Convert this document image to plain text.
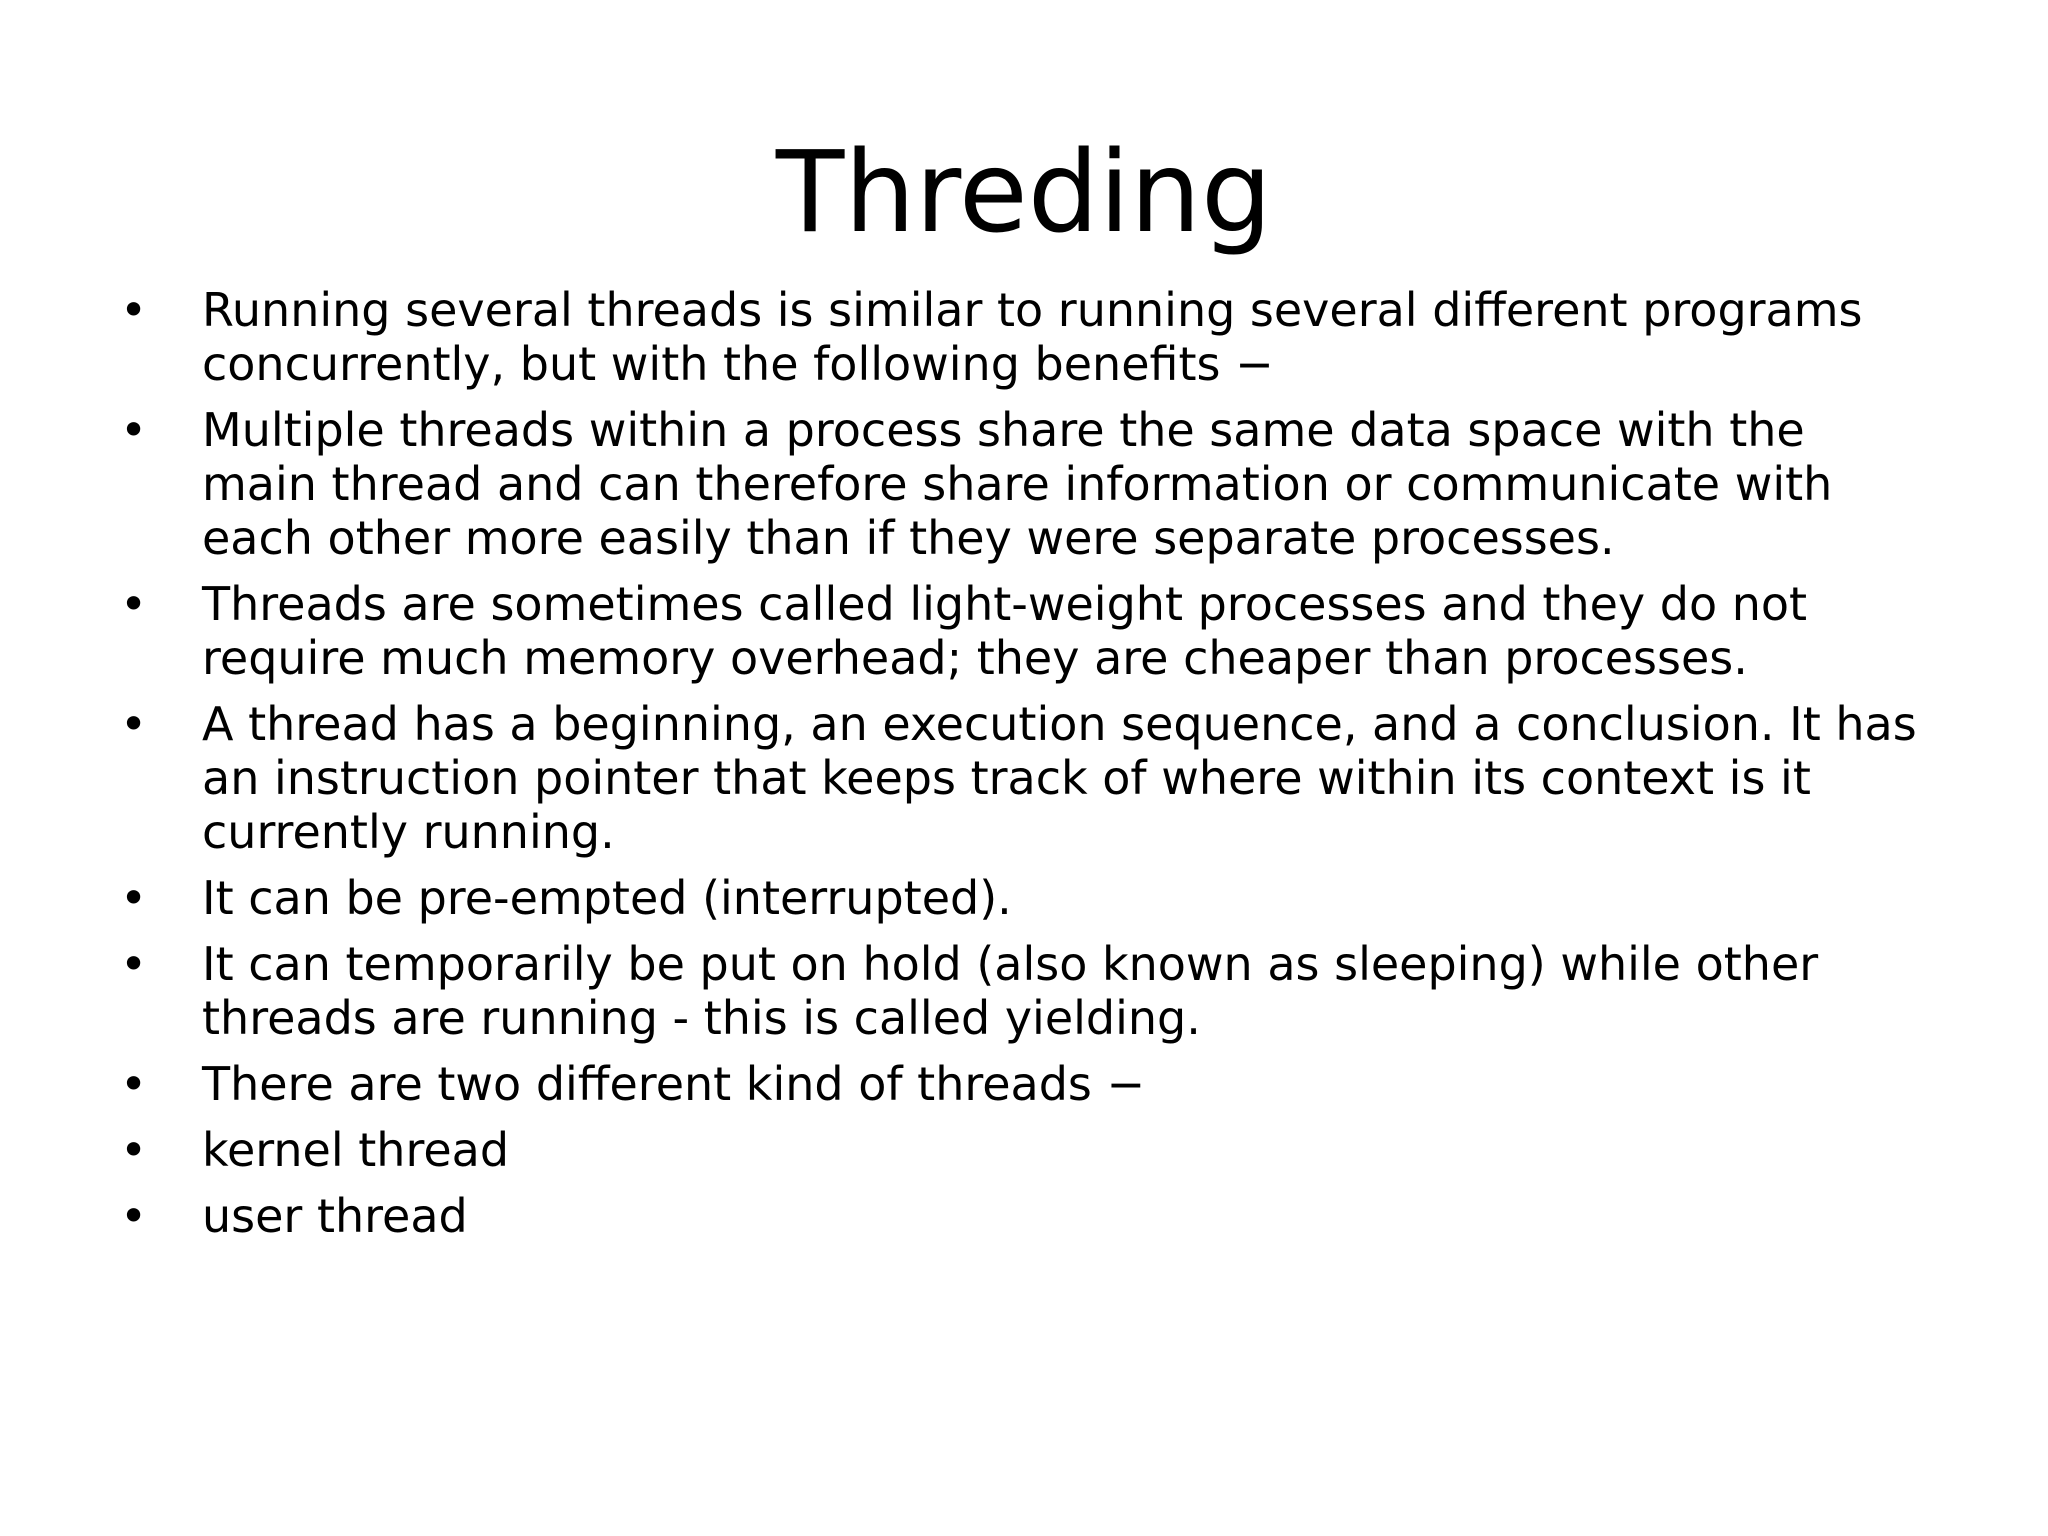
Threding
• Running several threads is similar to running several different programs concurrently, but with the following benefits −
• Multiple threads within a process share the same data space with the main thread and can therefore share information or communicate with each other more easily than if they were separate processes.
• Threads are sometimes called light-weight processes and they do not require much memory overhead; they are cheaper than processes.
• A thread has a beginning, an execution sequence, and a conclusion. It has an instruction pointer that keeps track of where within its context is it currently running.
• It can be pre-empted (interrupted).
• It can temporarily be put on hold (also known as sleeping) while other threads are running - this is called yielding.
• There are two different kind of threads −
• kernel thread
• user thread
